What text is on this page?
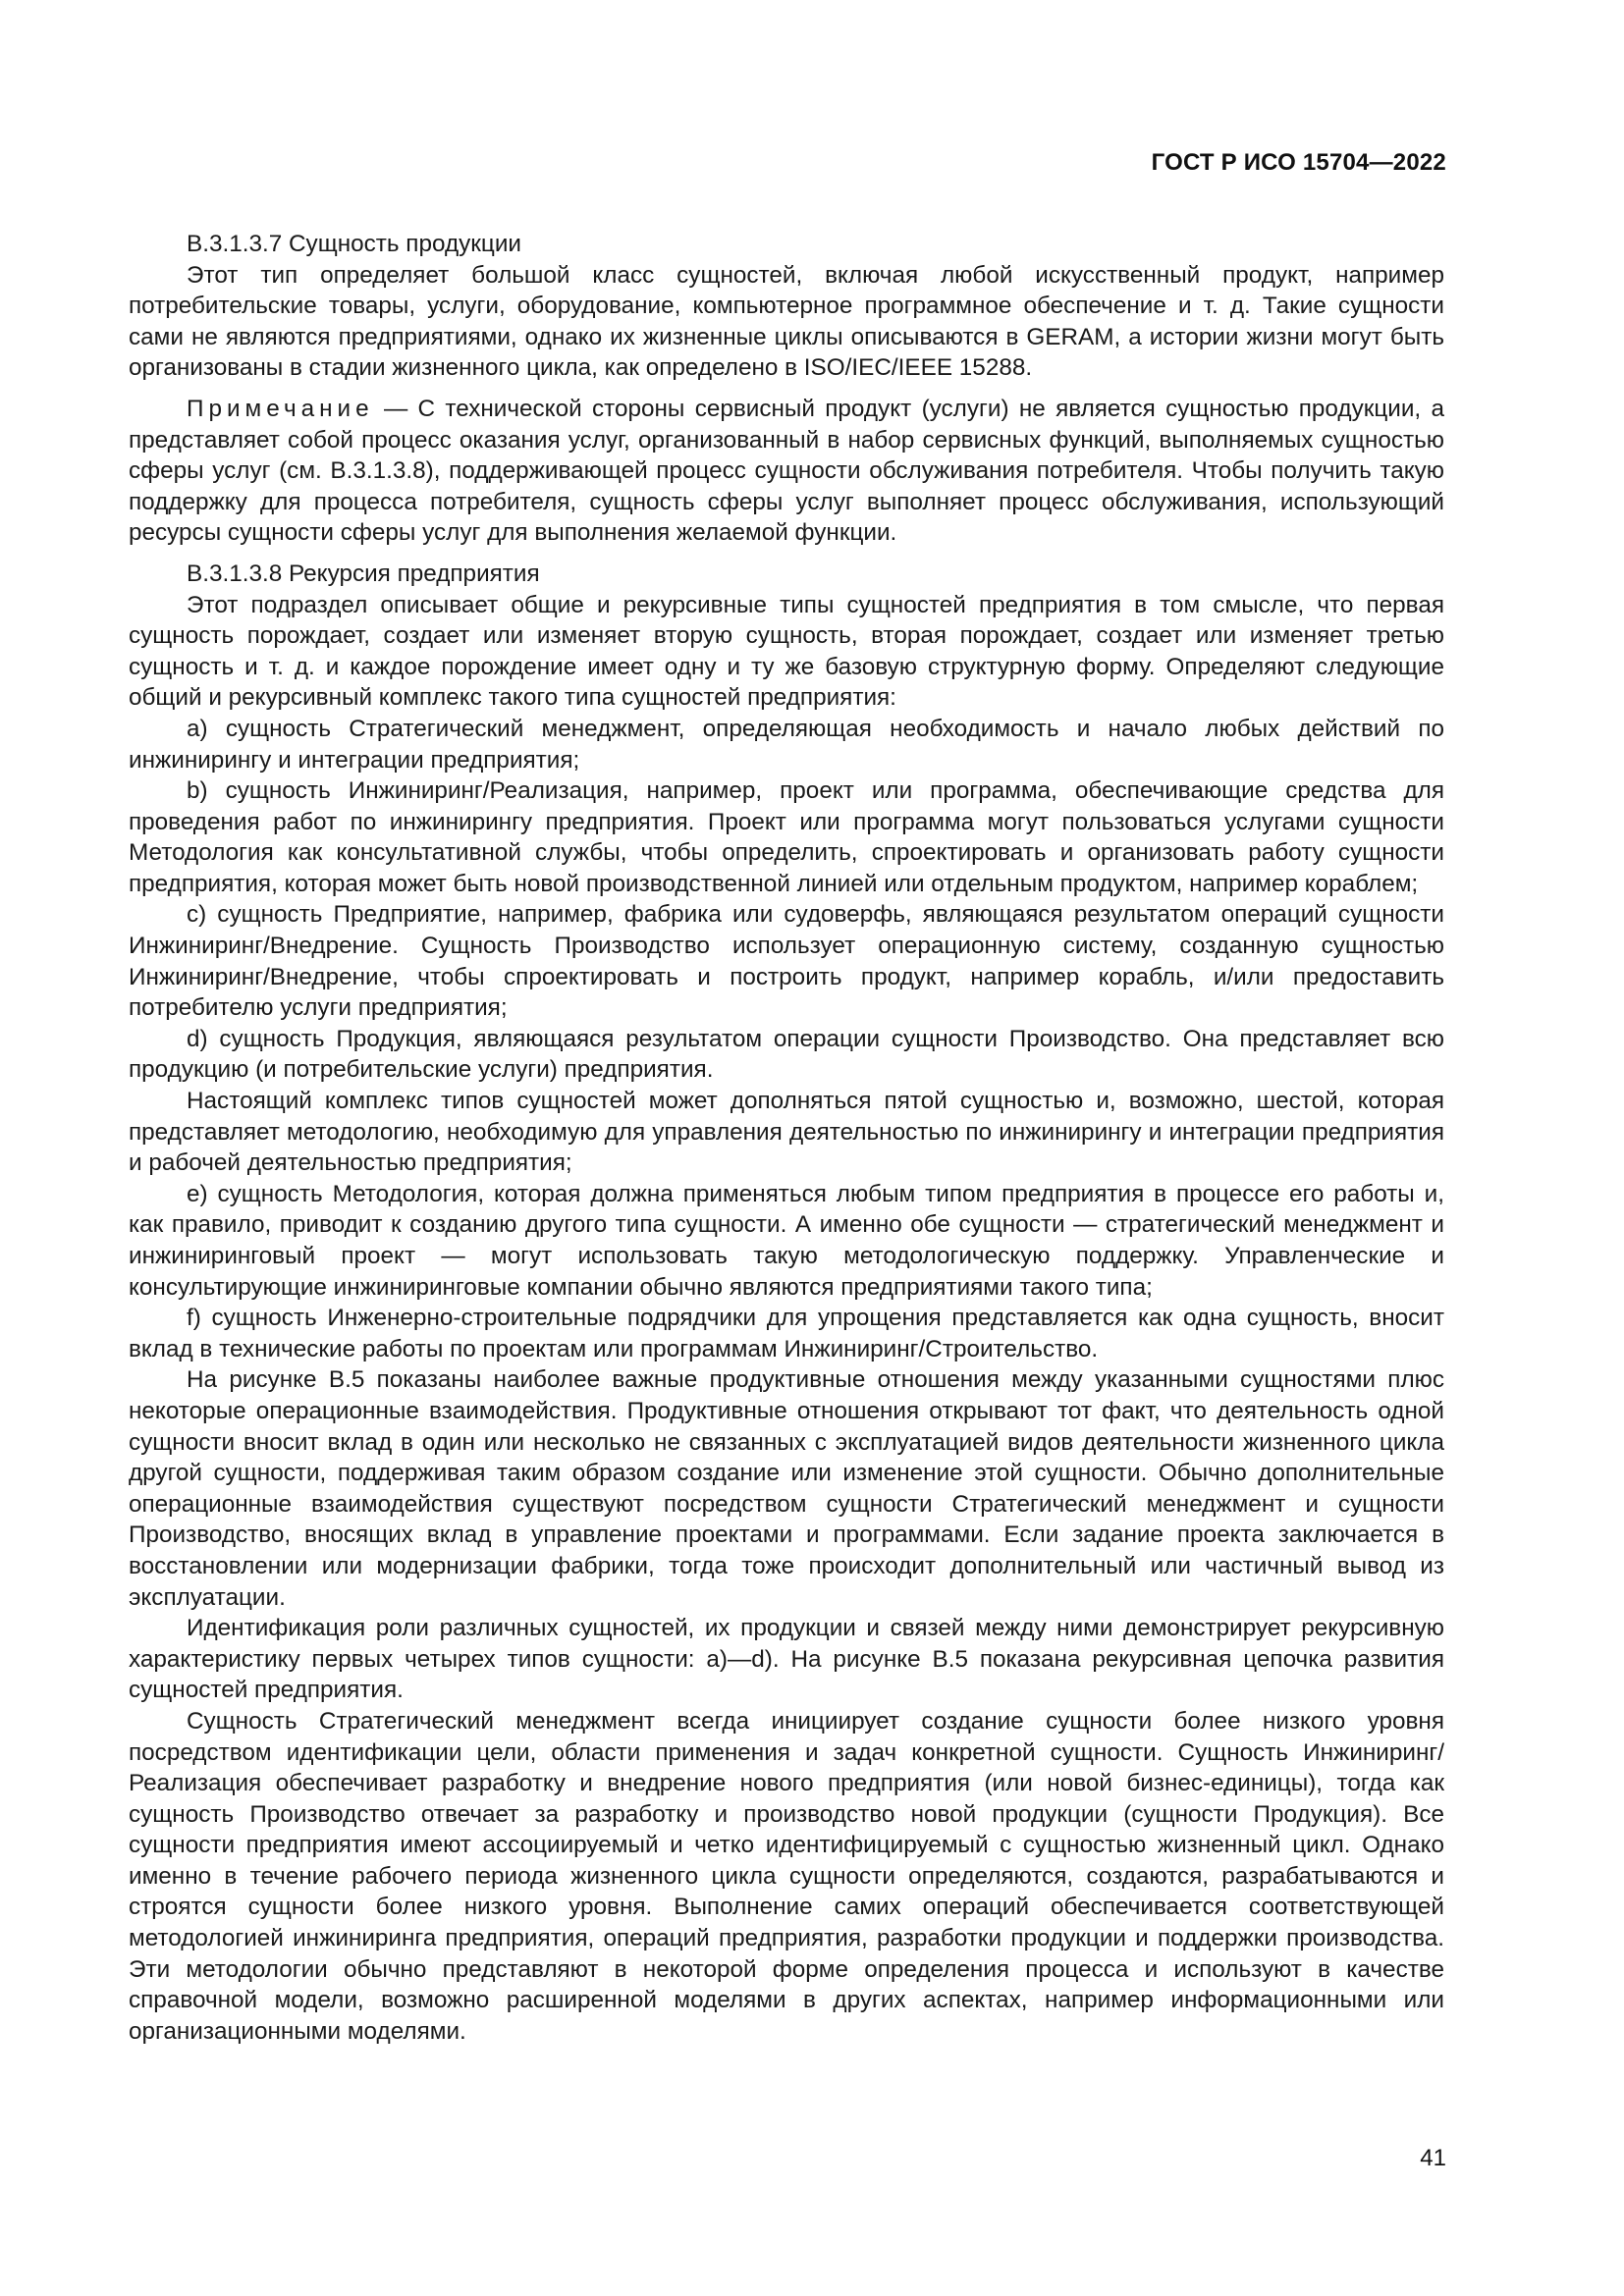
ГОСТ Р ИСО 15704—2022

В.3.1.3.7 Сущность продукции

Этот тип определяет большой класс сущностей, включая любой искусственный продукт, например потребительские товары, услуги, оборудование, компьютерное программное обеспечение и т. д. Такие сущности сами не являются предприятиями, однако их жизненные циклы описываются в GERAM, а истории жизни могут быть организованы в стадии жизненного цикла, как определено в ISO/IEC/IEEE 15288.

Примечание — С технической стороны сервисный продукт (услуги) не является сущностью продукции, а представляет собой процесс оказания услуг, организованный в набор сервисных функций, выполняемых сущностью сферы услуг (см. В.3.1.3.8), поддерживающей процесс сущности обслуживания потребителя. Чтобы получить такую поддержку для процесса потребителя, сущность сферы услуг выполняет процесс обслуживания, использующий ресурсы сущности сферы услуг для выполнения желаемой функции.

В.3.1.3.8 Рекурсия предприятия

Этот подраздел описывает общие и рекурсивные типы сущностей предприятия в том смысле, что первая сущность порождает, создает или изменяет вторую сущность, вторая порождает, создает или изменяет третью сущность и т. д. и каждое порождение имеет одну и ту же базовую структурную форму. Определяют следующие общий и рекурсивный комплекс такого типа сущностей предприятия:

a) сущность Стратегический менеджмент, определяющая необходимость и начало любых действий по инжинирингу и интеграции предприятия;

b) сущность Инжиниринг/Реализация, например, проект или программа, обеспечивающие средства для проведения работ по инжинирингу предприятия. Проект или программа могут пользоваться услугами сущности Методология как консультативной службы, чтобы определить, спроектировать и организовать работу сущности предприятия, которая может быть новой производственной линией или отдельным продуктом, например кораблем;

c) сущность Предприятие, например, фабрика или судоверфь, являющаяся результатом операций сущности Инжиниринг/Внедрение. Сущность Производство использует операционную систему, созданную сущностью Инжиниринг/Внедрение, чтобы спроектировать и построить продукт, например корабль, и/или предоставить потребителю услуги предприятия;

d) сущность Продукция, являющаяся результатом операции сущности Производство. Она представляет всю продукцию (и потребительские услуги) предприятия.

Настоящий комплекс типов сущностей может дополняться пятой сущностью и, возможно, шестой, которая представляет методологию, необходимую для управления деятельностью по инжинирингу и интеграции предприятия и рабочей деятельностью предприятия;

e) сущность Методология, которая должна применяться любым типом предприятия в процессе его работы и, как правило, приводит к созданию другого типа сущности. А именно обе сущности — стратегический менеджмент и инжиниринговый проект — могут использовать такую методологическую поддержку. Управленческие и консультирующие инжиниринговые компании обычно являются предприятиями такого типа;

f) сущность Инженерно-строительные подрядчики для упрощения представляется как одна сущность, вносит вклад в технические работы по проектам или программам Инжиниринг/Строительство.

На рисунке В.5 показаны наиболее важные продуктивные отношения между указанными сущностями плюс некоторые операционные взаимодействия. Продуктивные отношения открывают тот факт, что деятельность одной сущности вносит вклад в один или несколько не связанных с эксплуатацией видов деятельности жизненного цикла другой сущности, поддерживая таким образом создание или изменение этой сущности. Обычно дополнительные операционные взаимодействия существуют посредством сущности Стратегический менеджмент и сущности Производство, вносящих вклад в управление проектами и программами. Если задание проекта заключается в восстановлении или модернизации фабрики, тогда тоже происходит дополнительный или частичный вывод из эксплуатации.

Идентификация роли различных сущностей, их продукции и связей между ними демонстрирует рекурсивную характеристику первых четырех типов сущности: a)—d). На рисунке В.5 показана рекурсивная цепочка развития сущностей предприятия.

Сущность Стратегический менеджмент всегда инициирует создание сущности более низкого уровня посредством идентификации цели, области применения и задач конкретной сущности. Сущность Инжиниринг/Реализация обеспечивает разработку и внедрение нового предприятия (или новой бизнес-единицы), тогда как сущность Производство отвечает за разработку и производство новой продукции (сущности Продукция). Все сущности предприятия имеют ассоциируемый и четко идентифицируемый с сущностью жизненный цикл. Однако именно в течение рабочего периода жизненного цикла сущности определяются, создаются, разрабатываются и строятся сущности более низкого уровня. Выполнение самих операций обеспечивается соответствующей методологией инжиниринга предприятия, операций предприятия, разработки продукции и поддержки производства. Эти методологии обычно представляют в некоторой форме определения процесса и используют в качестве справочной модели, возможно расширенной моделями в других аспектах, например информационными или организационными моделями.

41
